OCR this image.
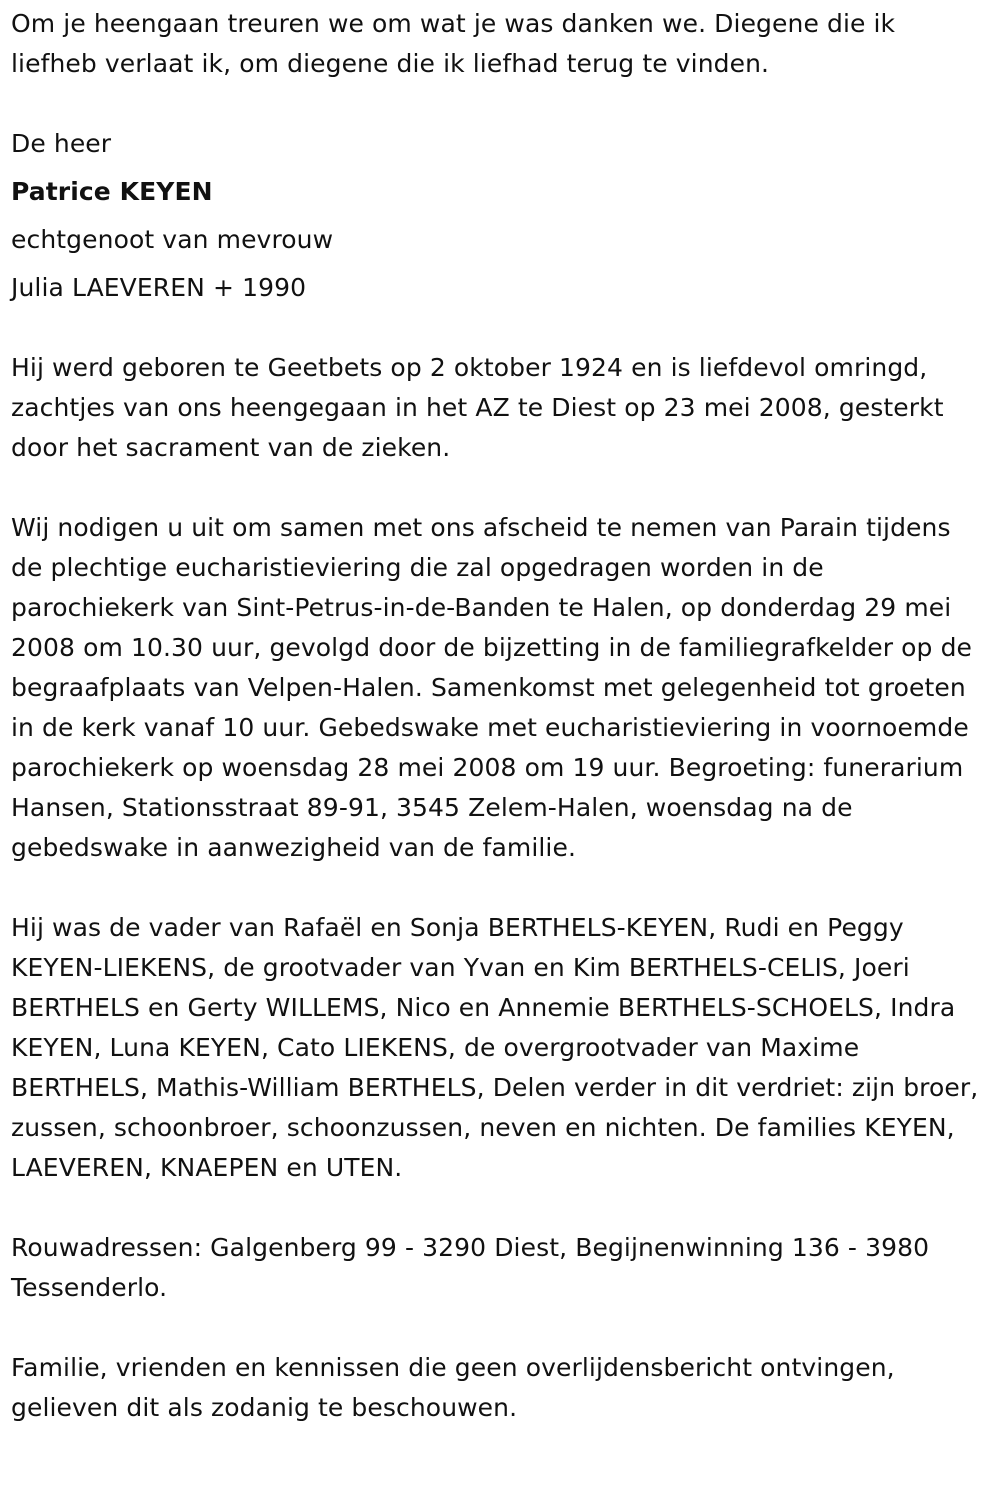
Om je heengaan treuren we om wat je was danken we. Diegene die ik liefheb verlaat ik, om diegene die ik liefhad terug te vinden.

De heer
Patrice KEYEN
echtgenoot van mevrouw
Julia LAEVEREN + 1990

Hij werd geboren te Geetbets op 2 oktober 1924 en is liefdevol omringd, zachtjes van ons heengegaan in het AZ te Diest op 23 mei 2008, gesterkt door het sacrament van de zieken.

Wij nodigen u uit om samen met ons afscheid te nemen van Parain tijdens de plechtige eucharistieviering die zal opgedragen worden in de parochiekerk van Sint-Petrus-in-de-Banden te Halen, op donderdag 29 mei 2008 om 10.30 uur, gevolgd door de bijzetting in de familiegrafkelder op de begraafplaats van Velpen-Halen. Samenkomst met gelegenheid tot groeten in de kerk vanaf 10 uur. Gebedswake met eucharistieviering in voornoemde parochiekerk op woensdag 28 mei 2008 om 19 uur. Begroeting: funerarium Hansen, Stationsstraat 89-91, 3545 Zelem-Halen, woensdag na de gebedswake in aanwezigheid van de familie.

Hij was de vader van Rafaël en Sonja BERTHELS-KEYEN, Rudi en Peggy KEYEN-LIEKENS, de grootvader van Yvan en Kim BERTHELS-CELIS, Joeri BERTHELS en Gerty WILLEMS, Nico en Annemie BERTHELS-SCHOELS, Indra KEYEN, Luna KEYEN, Cato LIEKENS, de overgrootvader van Maxime BERTHELS, Mathis-William BERTHELS, Delen verder in dit verdriet: zijn broer, zussen, schoonbroer, schoonzussen, neven en nichten. De families KEYEN, LAEVEREN, KNAEPEN en UTEN.

Rouwadressen: Galgenberg 99 - 3290 Diest, Begijnenwinning 136 - 3980 Tessenderlo.

Familie, vrienden en kennissen die geen overlijdensbericht ontvingen, gelieven dit als zodanig te beschouwen.
